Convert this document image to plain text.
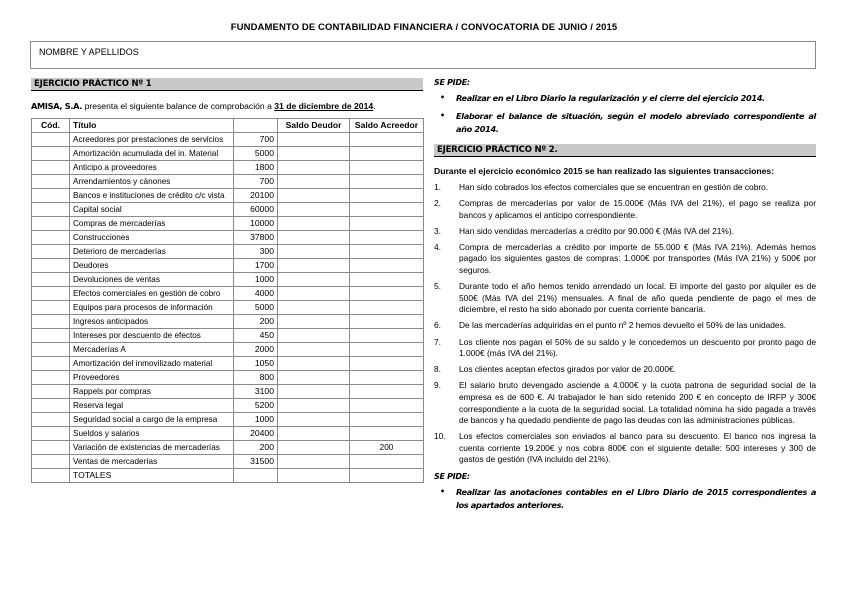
FUNDAMENTO DE CONTABILIDAD FINANCIERA / CONVOCATORIA DE JUNIO / 2015
NOMBRE Y APELLIDOS
EJERCICIO PRÁCTICO Nº 1
AMISA, S.A. presenta el siguiente balance de comprobación a 31 de diciembre de 2014.
Cód.	Título		Saldo Deudor	Saldo Acreedor
	Acreedores por prestaciones de servicios	700		
	Amortización acumulada del in. Material	5000		
	Anticipo a proveedores	1800		
	Arrendamientos y cánones	700		
	Bancos e instituciones de crédito c/c vista	20100		
	Capital social	60000		
	Compras de mercaderías	10000		
	Construcciones	37800		
	Deterioro de mercaderías	300		
	Deudores	1700		
	Devoluciones de ventas	1000		
	Efectos comerciales en gestión de cobro	4000		
	Equipos para procesos de información	5000		
	Ingresos anticipados	200		
	Intereses por descuento de efectos	450		
	Mercaderías A	2000		
	Amortización del inmovilizado material	1050		
	Proveedores	800		
	Rappels por compras	3100		
	Reserva legal	5200		
	Seguridad social a cargo de la empresa	1000		
	Sueldos y salarios	20400		
	Variación de existencias de mercaderías	200		200
	Ventas de mercaderías	31500		
	TOTALES			
SE PIDE:
• Realizar en el Libro Diario la regularización y el cierre del ejercicio 2014.
• Elaborar el balance de situación, según el modelo abreviado correspondiente al año 2014.
EJERCICIO PRÁCTICO Nº 2.
Durante el ejercicio económico 2015 se han realizado las siguientes transacciones:
Han sido cobrados los efectos comerciales que se encuentran en gestión de cobro.
Compras de mercaderías por valor de 15.000€ (Más IVA del 21%), el pago se realiza por bancos y aplicamos el anticipo correspondiente.
Han sido vendidas mercaderías a crédito por 90.000 € (Más IVA del 21%).
Compra de mercaderías a crédito por importe de 55.000 € (Más IVA 21%). Además hemos pagado los siguientes gastos de compras: 1.000€ por transportes (Más IVA 21%) y 500€ por seguros.
Durante todo el año hemos tenido arrendado un local. El importe del gasto por alquiler es de 500€ (Más IVA del 21%) mensuales. A final de año queda pendiente de pago el mes de diciembre, el resto ha sido abonado por cuenta corriente bancaria.
De las mercaderías adquiridas en el punto nº 2 hemos devuelto el 50% de las unidades.
Los cliente nos pagan el 50% de su saldo y le concedemos un descuento por pronto pago de 1.000€ (más IVA del 21%).
Los clientes aceptan efectos girados por valor de 20.000€.
El salario bruto devengado asciende a 4.000€ y la cuota patrona de seguridad social de la empresa es de 600 €. Al trabajador le han sido retenido 200 € en concepto de IRFP y 300€ correspondiente a la cuota de la seguridad social. La totalidad nómina ha sido pagada a través de bancos y ha quedado pendiente de pago las deudas con las administraciones públicas.
Los efectos comerciales son enviados al banco para su descuento. El banco nos ingresa la cuenta corriente 19.200€ y nos cobra 800€ con el siguiente detalle: 500 intereses y 300 de gastos de gestión (IVA incluido del 21%).
SE PIDE:
• Realizar las anotaciones contables en el Libro Diario de 2015 correspondientes a los apartados anteriores.
